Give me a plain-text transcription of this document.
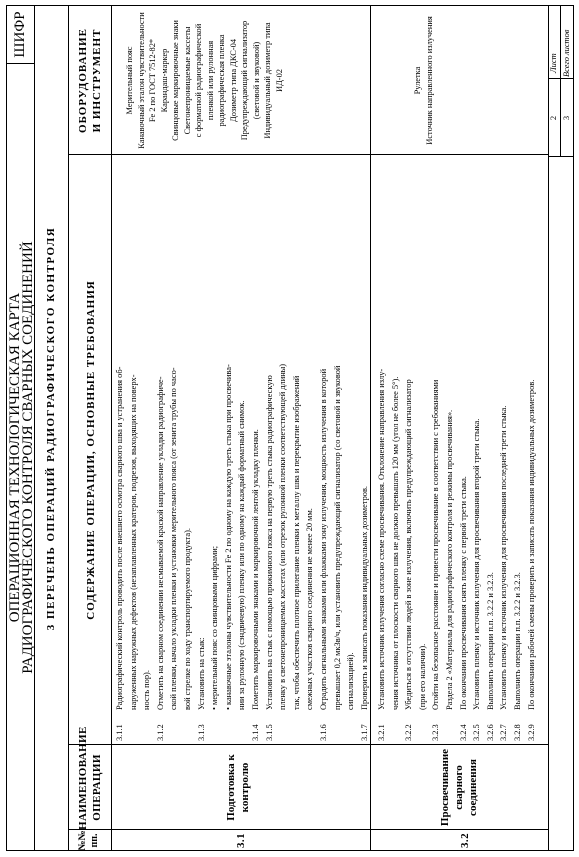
ОПЕРАЦИОННАЯ ТЕХНОЛОГИЧЕСКАЯ КАРТА
РАДИОГРАФИЧЕСКОГО КОНТРОЛЯ СВАРНЫХ СОЕДИНЕНИЙ
ШИФР
3 ПЕРЕЧЕНЬ ОПЕРАЦИЙ РАДИОГРАФИЧЕСКОГО КОНТРОЛЯ
№№ пп.
НАИМЕНОВАНИЕ ОПЕРАЦИИ
СОДЕРЖАНИЕ ОПЕРАЦИИ, ОСНОВНЫЕ ТРЕБОВАНИЯ
ОБОРУДОВАНИЕ И ИНСТРУМЕНТ
3.1
Подготовка к контролю
3.1.1
Радиографический контроль проводить после внешнего осмотра сварного шва и устранения об- наруженных наружных дефектов (незаплавленных кратеров, подрезов, выходящих на поверх- ность пор).
3.1.2
Отметить на сварном соединении несмываемой краской направление укладки радиографиче- ской пленки, начало укладки пленки и установки мерительного пояса (от зенита трубы по часо- вой стрелке по ходу транспортируемого продукта).
3.1.3
Установить на стык: • мерительный пояс со свинцовыми цифрами; • канавочные эталоны чувствительности Fe 2 по одному на каждую треть стыка при просвечива- нии за рулонную (сэндвичевую) пленку или по одному на каждый форматный снимок.
3.1.4
Пометить маркировочными знаками и маркировочной лентой укладку пленки.
3.1.5
Установить на стык с помощью прижимного пояса на первую треть стыка радиографическую пленку в светонепроницаемых кассетах (или отрезок рулонной пленки соответствующей длины) так, чтобы обеспечить плотное прилегание пленки к металлу шва и перекрытие изображений смежных участков сварного соединения не менее 20 мм.
3.1.6
Оградить сигнальными знаками или флажками зону излучения, мощность излучения в которой превышает 0,2 мкЗв/ч, или установить предупреждающий сигнализатор (со световой и звуковой сигнализацией).
3.1.7
Проверить и записать показания индивидуальных дозиметров.
Мерительный пояс Канавочный эталон чувствительности Fe 2 по ГОСТ 7512-82* Карандаш-маркер Свинцовые маркировочные знаки Светонепроницаемые кассеты с форматной радиографической пленкой или рулонная радиографическая пленка Дозиметр типа ДКС-04 Предупреждающий сигнализатор (световой и звуковой) Индивидуальный дозиметр типа ИД-02
3.2
Просвечивание сварного соединения
3.2.1
Установить источник излучения согласно схеме просвечивания. Отклонение направления излу- чения источника от плоскости сварного шва не должно превышать 120 мм (угол не более 5°).
3.2.2
Убедиться в отсутствии людей в зоне излучения, включить предупреждающий сигнализатор (при его наличии).
3.2.3
Отойти на безопасное расстояние и провести просвечивание в соответствии с требованиями Раздела 2 «Материалы для радиографического контроля и режимы просвечивания».
3.2.4
По окончании просвечивания снять пленку с первой трети стыка.
3.2.5
Установить пленку и источник излучения для просвечивания второй трети стыка.
3.2.6
Выполнить операции п.п. 3.2.2 и 3.2.3.
3.2.7
Установить пленку и источник излучения для просвечивания последней трети стыка.
3.2.8
Выполнить операции п.п. 3.2.2 и 3.2.3.
3.2.9
По окончании рабочей смены проверить и записать показания индивидуальных дозиметров.
Рулетка Источник направленного излучения	Лист
2
Всего листов
3
